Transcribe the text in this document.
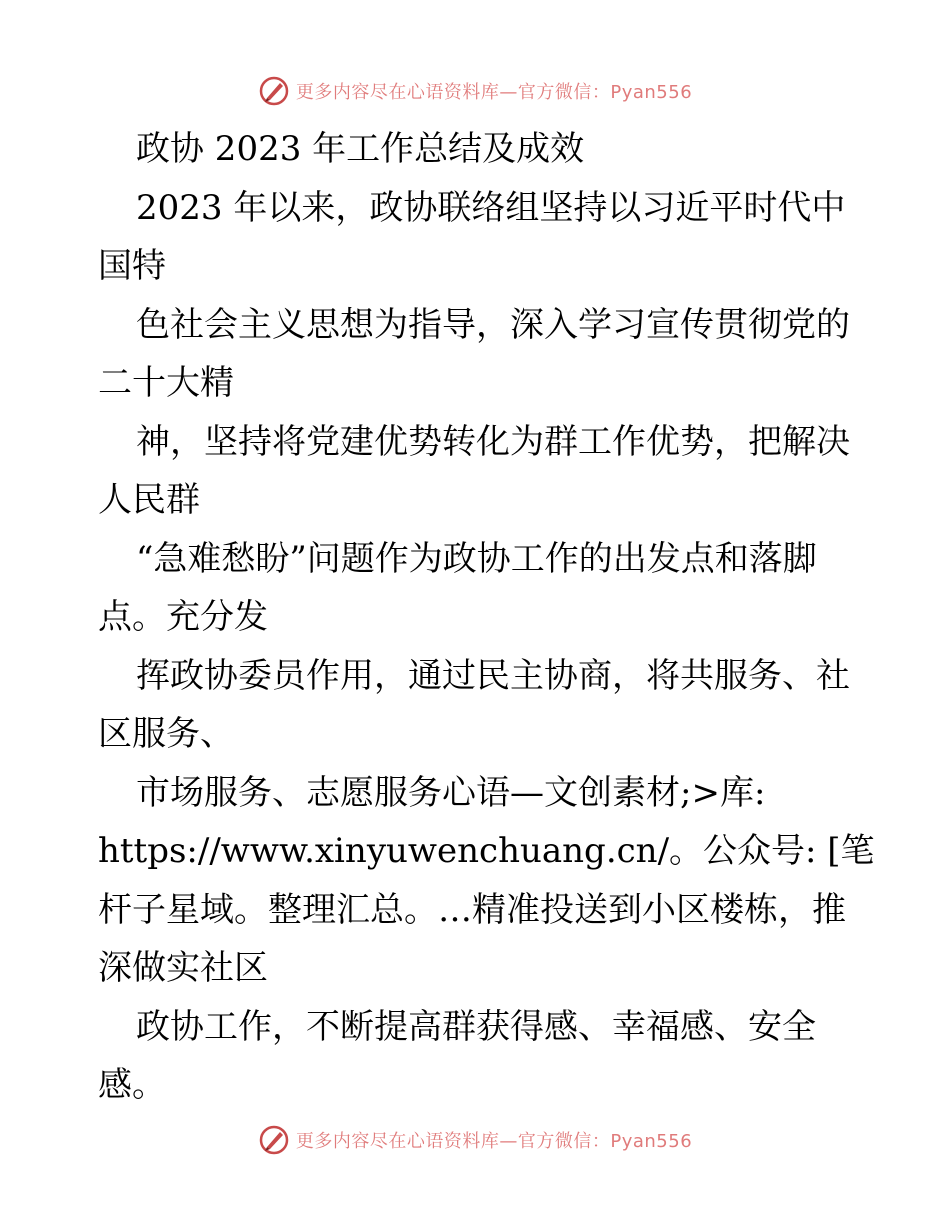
更多内容尽在心语资料库—官方微信：Pyan556
政协 2023 年工作总结及成效
2023 年以来，政协联络组坚持以习近平时代中
国特
色社会主义思想为指导，深入学习宣传贯彻党的
二十大精
神，坚持将党建优势转化为群工作优势，把解决
人民群
“急难愁盼”问题作为政协工作的出发点和落脚
点。充分发
挥政协委员作用，通过民主协商，将共服务、社
区服务、
市场服务、志愿服务心语—文创素材;>库:
https://www.xinyuwenchuang.cn/。公众号: [笔
杆子星域。整理汇总。…精准投送到小区楼栋，推
深做实社区
政协工作，不断提高群获得感、幸福感、安全
感。
更多内容尽在心语资料库—官方微信：Pyan556
